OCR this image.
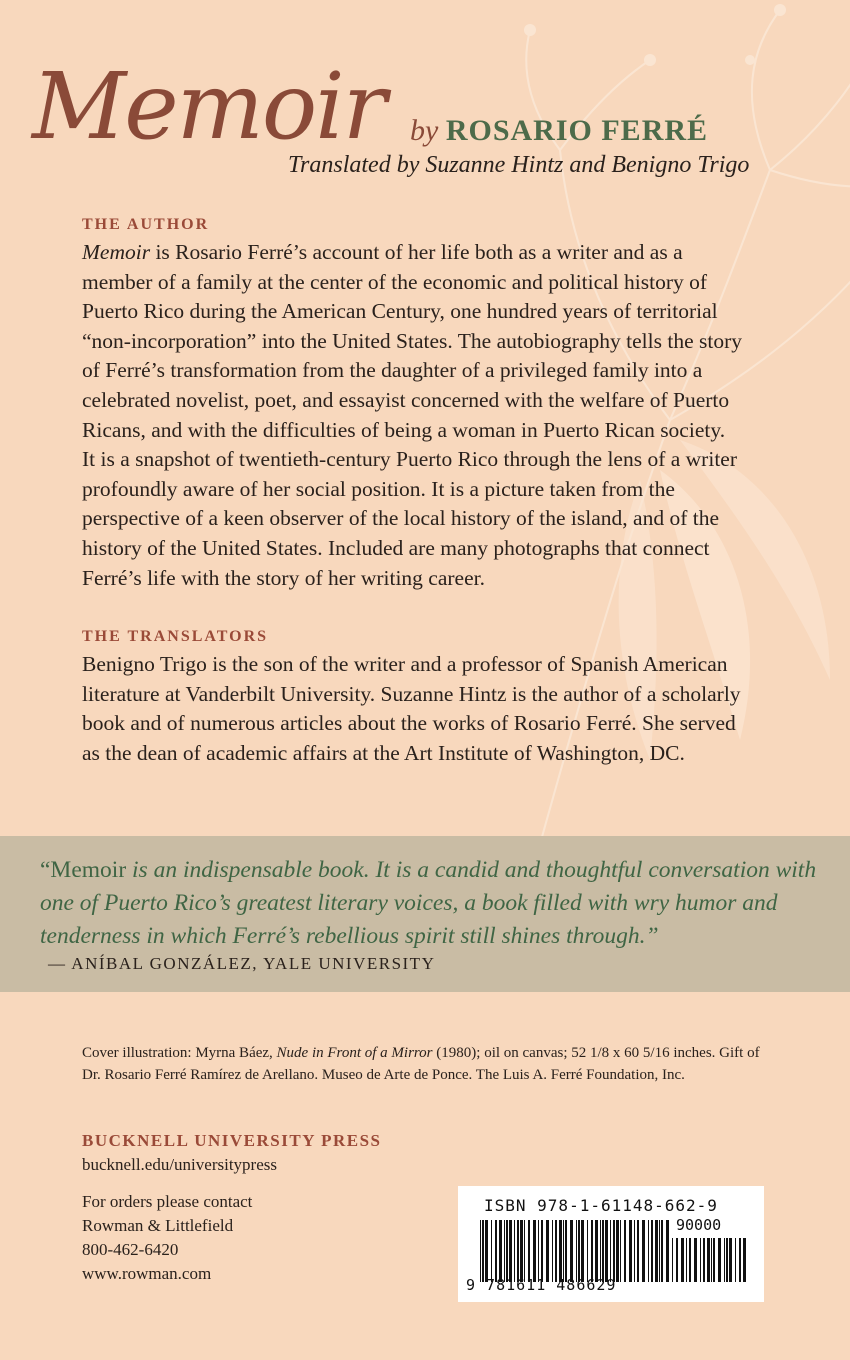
Memoir by ROSARIO FERRÉ
Translated by Suzanne Hintz and Benigno Trigo
THE AUTHOR
Memoir is Rosario Ferré’s account of her life both as a writer and as a member of a family at the center of the economic and political history of Puerto Rico during the American Century, one hundred years of territorial “non-incorporation” into the United States. The autobiography tells the story of Ferré’s transformation from the daughter of a privileged family into a celebrated novelist, poet, and essayist concerned with the welfare of Puerto Ricans, and with the difficulties of being a woman in Puerto Rican society. It is a snapshot of twentieth-century Puerto Rico through the lens of a writer profoundly aware of her social position. It is a picture taken from the perspective of a keen observer of the local history of the island, and of the history of the United States. Included are many photographs that connect Ferré’s life with the story of her writing career.
THE TRANSLATORS
Benigno Trigo is the son of the writer and a professor of Spanish American literature at Vanderbilt University. Suzanne Hintz is the author of a scholarly book and of numerous articles about the works of Rosario Ferré. She served as the dean of academic affairs at the Art Institute of Washington, DC.
“Memoir is an indispensable book. It is a candid and thoughtful conversation with one of Puerto Rico’s greatest literary voices, a book filled with wry humor and tenderness in which Ferré’s rebellious spirit still shines through.”
— ANÍBAL GONZÁLEZ, YALE UNIVERSITY
Cover illustration: Myrna Báez, Nude in Front of a Mirror (1980); oil on canvas; 52 1/8 x 60 5/16 inches. Gift of Dr. Rosario Ferré Ramírez de Arellano. Museo de Arte de Ponce. The Luis A. Ferré Foundation, Inc.
BUCKNELL UNIVERSITY PRESS
bucknell.edu/universitypress
For orders please contact
Rowman & Littlefield
800-462-6420
www.rowman.com
ISBN 978-1-61148-662-9
90000
9 781611 486629
